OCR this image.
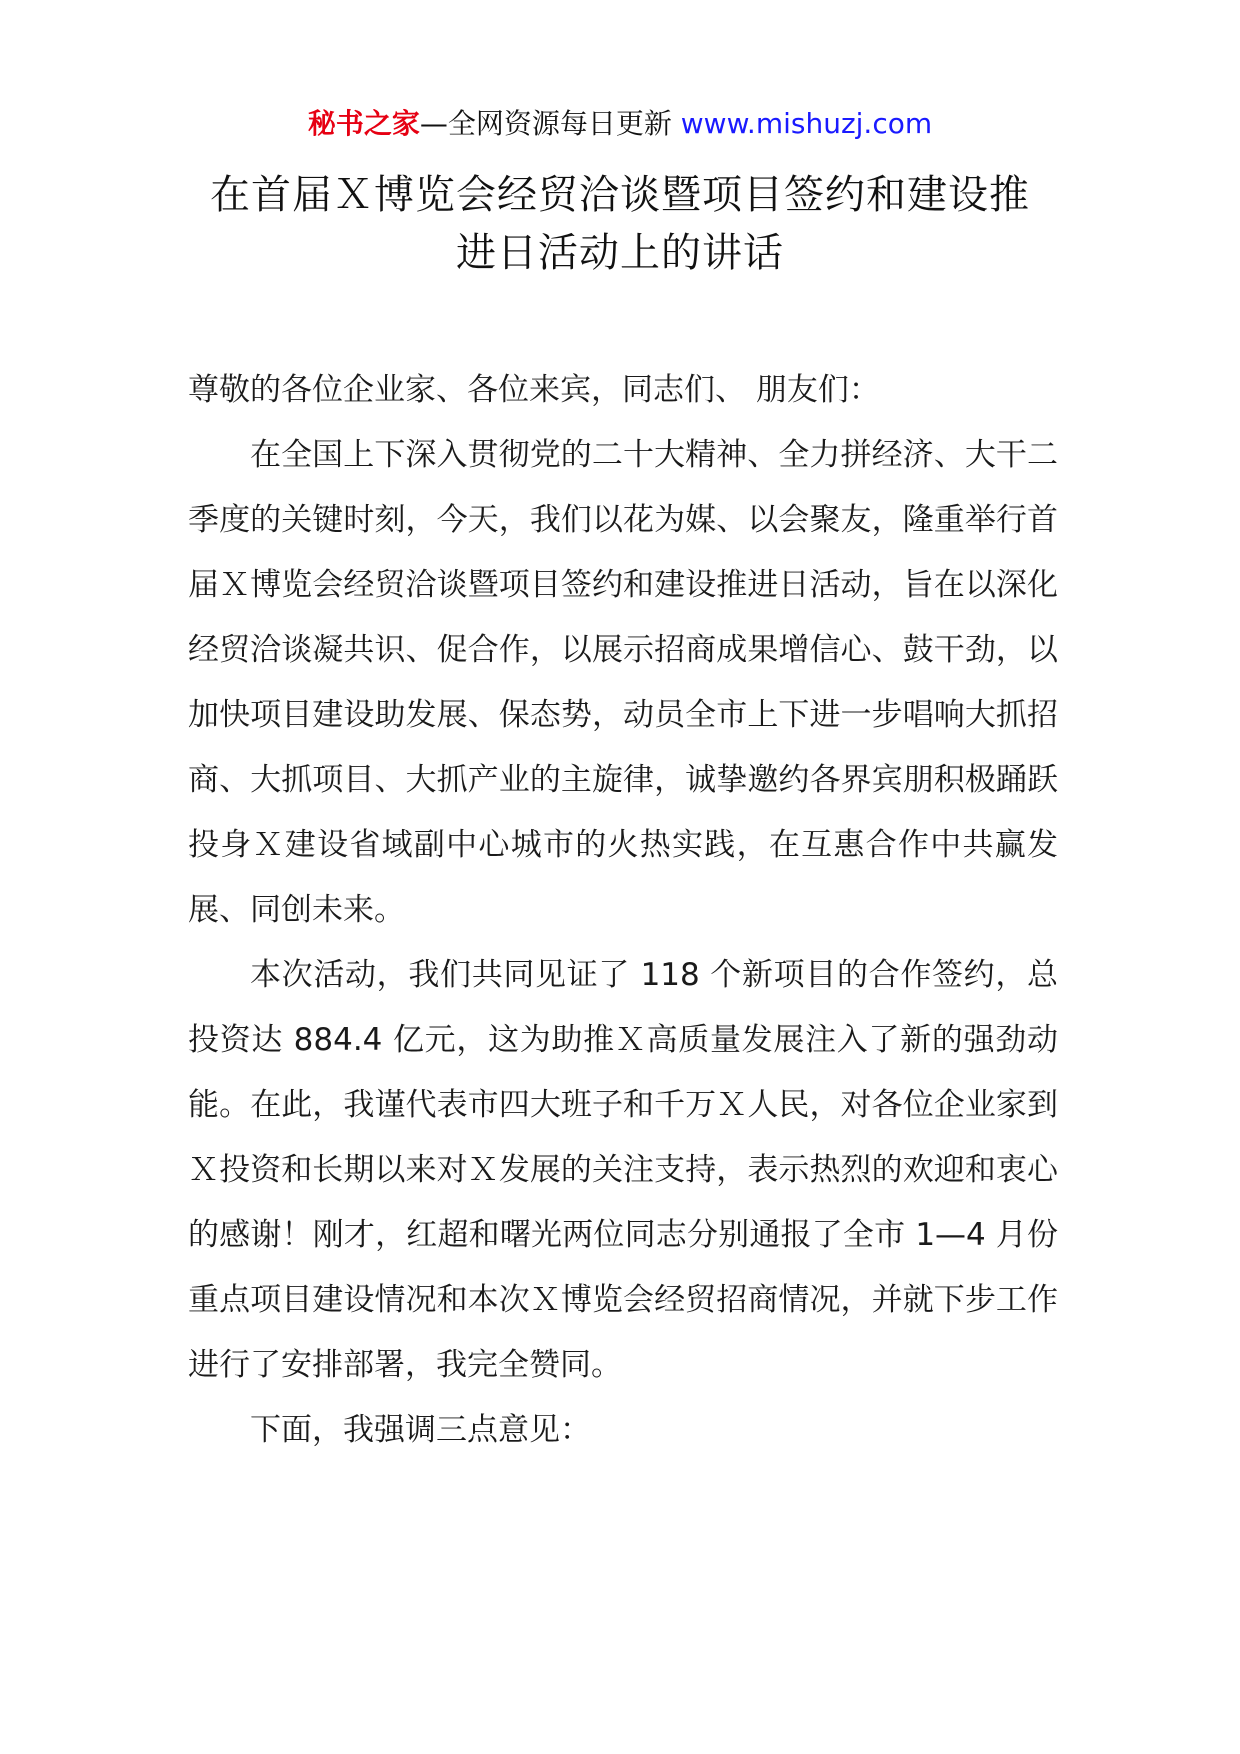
秘书之家—全网资源每日更新 www.mishuzj.com
在首届Ｘ博览会经贸洽谈暨项目签约和建设推进日活动上的讲话

尊敬的各位企业家、各位来宾，同志们、 朋友们：

在全国上下深入贯彻党的二十大精神、全力拼经济、大干二季度的关键时刻，今天，我们以花为媒、以会聚友，隆重举行首届Ｘ博览会经贸洽谈暨项目签约和建设推进日活动，旨在以深化经贸洽谈凝共识、促合作，以展示招商成果增信心、鼓干劲，以加快项目建设助发展、保态势，动员全市上下进一步唱响大抓招商、大抓项目、大抓产业的主旋律，诚挚邀约各界宾朋积极踊跃投身Ｘ建设省域副中心城市的火热实践，在互惠合作中共赢发展、同创未来。

本次活动，我们共同见证了 118 个新项目的合作签约，总投资达 884.4 亿元，这为助推Ｘ高质量发展注入了新的强劲动能。在此，我谨代表市四大班子和千万Ｘ人民，对各位企业家到Ｘ投资和长期以来对Ｘ发展的关注支持，表示热烈的欢迎和衷心的感谢！刚才，红超和曙光两位同志分别通报了全市 1—4 月份重点项目建设情况和本次Ｘ博览会经贸招商情况，并就下步工作进行了安排部署，我完全赞同。

下面，我强调三点意见：
